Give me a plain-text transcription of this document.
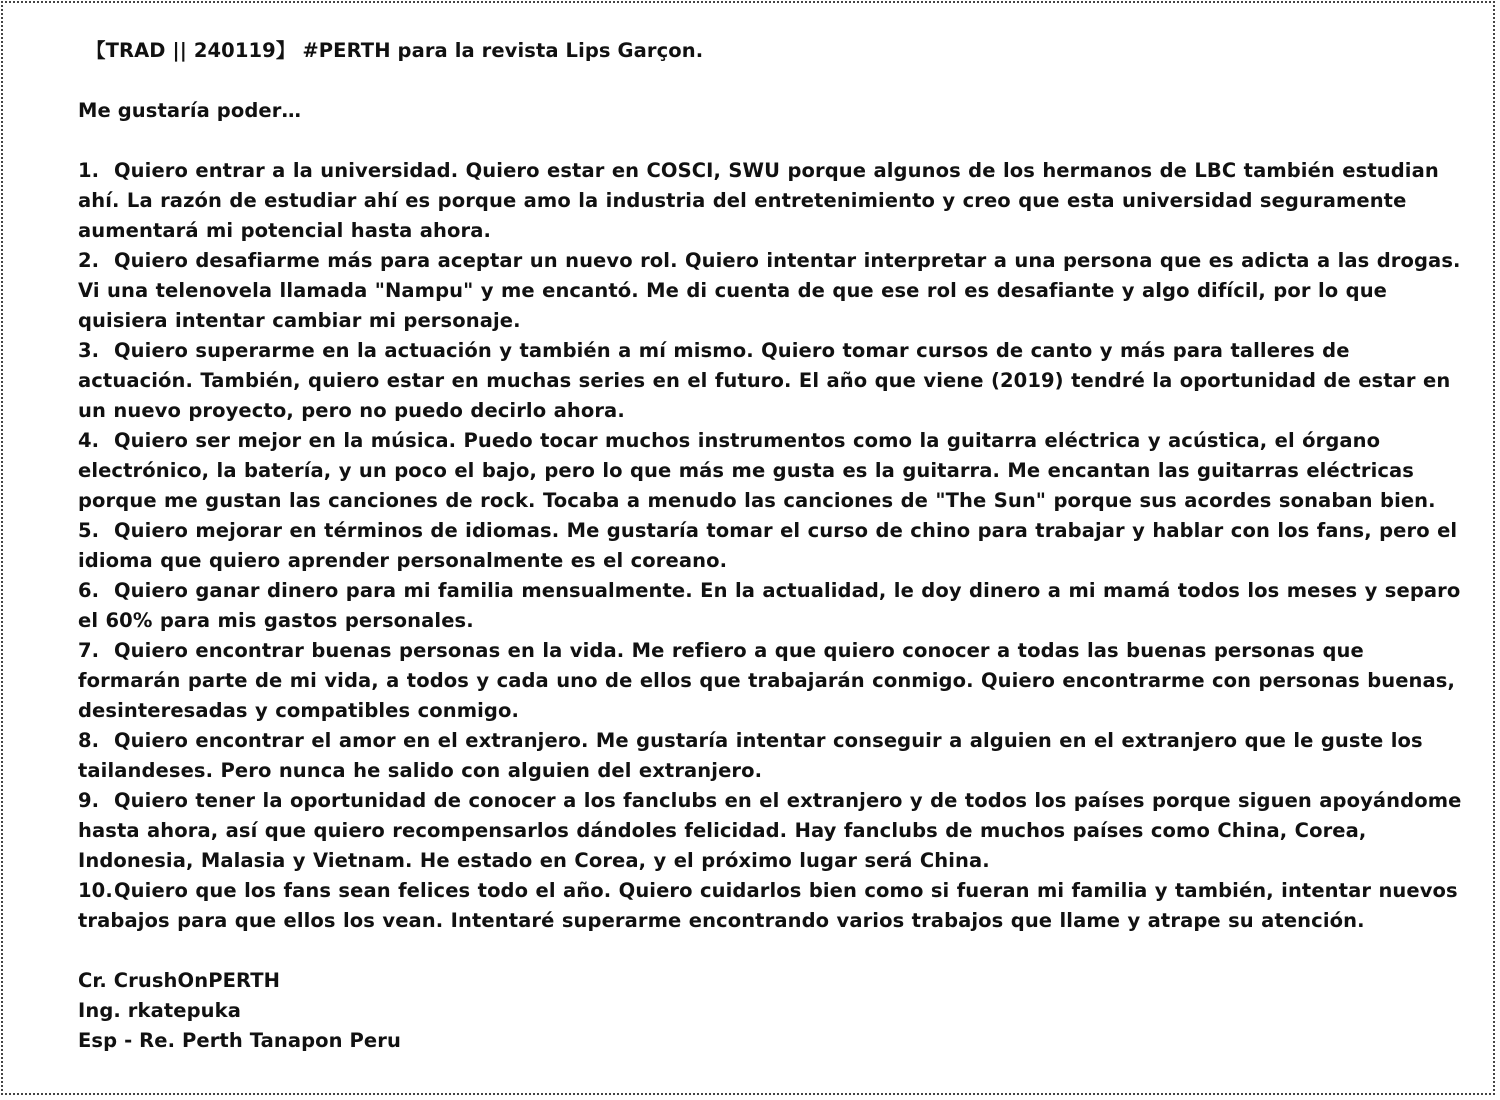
【TRAD || 240119】 #PERTH para la revista Lips Garçon.
Me gustaría poder…
1. Quiero entrar a la universidad. Quiero estar en COSCI, SWU porque algunos de los hermanos de LBC también estudian ahí. La razón de estudiar ahí es porque amo la industria del entretenimiento y creo que esta universidad seguramente aumentará mi potencial hasta ahora.
2. Quiero desafiarme más para aceptar un nuevo rol. Quiero intentar interpretar a una persona que es adicta a las drogas. Vi una telenovela llamada "Nampu" y me encantó. Me di cuenta de que ese rol es desafiante y algo difícil, por lo que quisiera intentar cambiar mi personaje.
3. Quiero superarme en la actuación y también a mí mismo. Quiero tomar cursos de canto y más para talleres de actuación. También, quiero estar en muchas series en el futuro. El año que viene (2019) tendré la oportunidad de estar en un nuevo proyecto, pero no puedo decirlo ahora.
4. Quiero ser mejor en la música. Puedo tocar muchos instrumentos como la guitarra eléctrica y acústica, el órgano electrónico, la batería, y un poco el bajo, pero lo que más me gusta es la guitarra. Me encantan las guitarras eléctricas porque me gustan las canciones de rock. Tocaba a menudo las canciones de "The Sun" porque sus acordes sonaban bien.
5. Quiero mejorar en términos de idiomas. Me gustaría tomar el curso de chino para trabajar y hablar con los fans, pero el idioma que quiero aprender personalmente es el coreano.
6. Quiero ganar dinero para mi familia mensualmente. En la actualidad, le doy dinero a mi mamá todos los meses y separo el 60% para mis gastos personales.
7. Quiero encontrar buenas personas en la vida. Me refiero a que quiero conocer a todas las buenas personas que formarán parte de mi vida, a todos y cada uno de ellos que trabajarán conmigo. Quiero encontrarme con personas buenas, desinteresadas y compatibles conmigo.
8. Quiero encontrar el amor en el extranjero. Me gustaría intentar conseguir a alguien en el extranjero que le guste los tailandeses. Pero nunca he salido con alguien del extranjero.
9. Quiero tener la oportunidad de conocer a los fanclubs en el extranjero y de todos los países porque siguen apoyándome hasta ahora, así que quiero recompensarlos dándoles felicidad. Hay fanclubs de muchos países como China, Corea, Indonesia, Malasia y Vietnam. He estado en Corea, y el próximo lugar será China.
10.Quiero que los fans sean felices todo el año. Quiero cuidarlos bien como si fueran mi familia y también, intentar nuevos trabajos para que ellos los vean. Intentaré superarme encontrando varios trabajos que llame y atrape su atención.
Cr. CrushOnPERTH
Ing. rkatepuka
Esp - Re. Perth Tanapon Peru
